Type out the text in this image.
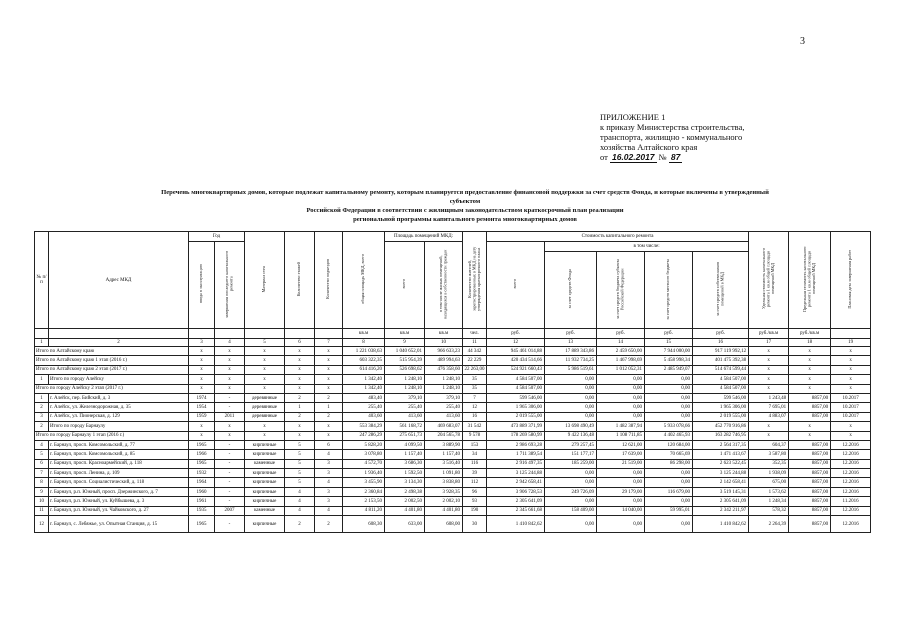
3
ПРИЛОЖЕНИЕ 1
к приказу Министерства строительства,
транспорта, жилищно - коммунального
хозяйства Алтайского края
от 16.02.2017 № 87
Перечень многоквартирных домов, которые подлежат капитальному ремонту, которым планируется предоставление финансовой поддержки за счет средств Фонда, и которые включены в утвержденный субъектом
Российской Федерации в соответствии с жилищным законодательством краткосрочный план реализации
региональной программы капитального ремонта многоквартирных домов
№ п/п	Адрес МКД	Год		Материал стен	Количество этажей	Количество подъездов	общая площадь МКД, всего	Площадь помещений МКД:		Количество жителей, зарегистрированных в МКД на дату утверждения краткосрочного плана	Стоимость капитального ремонта					Удельная стоимость капитального ремонта 1 кв.м общей площади помещений МКД	Предельная стоимость капитального ремонта 1 кв.м общей площади помещений МКД	Плановая дата завершения работ
		ввода в эксплуатацию	завершения последнего капитального ремонта					всего	в том числе жилых помещений, находящихся в собственности граждан		всего	в том числе:						
												за счет средств Фонда	за счет средств бюджета субъекта Российской Федерации	за счет средств местного бюджета	за счет средств собственников помещений в МКД			
							кв.м	кв.м	кв.м	чел.	руб.	руб.	руб.	руб.	руб.	руб./кв.м	руб./кв.м	
1	2	3	4	5	6	7	8	9	10	11	12	13	14	15	16	17	18	19
Итого по Алтайскому краю		х	х	х	х	х	1 221 038,63	1 040 652,01	966 633,23	44 342	945 461 014,88	17 889 343,86	2 459 650,00	7 944 000,00	917 119 992,12	х	х	х
Итого по Алтайскому краю 1 этап (2016 г.)		х	х	х	х	х	603 322,35	515 954,39	489 994,63	22 229	420 434 514,66	11 932 734,25	1 467 998,69	5 458 998,34	401 475 392,38	х	х	х
Итого по Алтайскому краю 2 этап (2017 г.)		х	х	х	х	х	614 416,20	526 698,62	476 358,60	22 263,00	524 921 660,43	5 986 519,61	1 012 052,31	2 485 949,07	514 674 599,44	х	х	х
1	Итого по городу Алейску	х	х	х	х	х	1 342,40	1 248,10	1 248,10	35	4 584 507,00	0,00	0,00	0,00	4 584 507,00	х	х	х
Итого по городу Алейску 2 этап (2017 г.)		х	х	х	х	х	1 342,40	1 248,10	1 248,10	35	4 584 507,00	0,00	0,00	0,00	4 584 507,00	х	х	х
1	г. Алейск, пер. Бийский, д. 3	1974	-	деревянные	2	2	483,40	379,10	379,10	7	599 546,00	0,00	0,00	0,00	599 546,00	1 243,48	8857,00	10.2017
2	г. Алейск, ул. Железнодорожная, д. 35	1954	-	деревянные	1	1	255,40	255,40	255,40	12	1 965 306,00	0,00	0,00	0,00	1 965 306,00	7 695,01	8857,00	10.2017
3	г. Алейск, ул. Пионерская, д. 129	1959	2011	деревянные	2	2	403,60	413,60	413,60	16	2 019 555,00	0,00	0,00	0,00	2 019 555,00	4 883,07	8857,00	10.2017
2	Итого по городу Барнаулу	х	х	х	х	х	553 384,29	561 168,72	469 683,07	31 542	473 889 371,99	13 698 490,49	1 482 387,94	5 933 078,66	452 770 916,86	х	х	х
Итого по городу Барнаулу 1 этап (2016 г.)		х	х	х	х	х	247 286,29	275 651,73	204 565,78	9 578	178 269 580,99	9 422 136,48	1 108 711,85	4 402 465,93	163 282 746,95	х	х	х
4	г. Барнаул, просп. Комсомольский, д. 77	1965	-	кирпичные	5	6	5 828,20	4 099,50	3 889,90	153	2 986 693,28	279 257,45	12 621,00	120 684,00	2 564 317,35	604,37	8857,00	12.2016
5	г. Барнаул, просп. Комсомольский, д. 85	1966	-	кирпичные	5	4	3 078,80	1 157,40	1 157,40	34	1 711 389,54	151 177,17	17 639,00	70 665,69	1 471 413,67	3 587,80	8857,00	12.2016
6	г. Барнаул, просп. Красноармейский, д. 118	1965	-	каменные	5	3	4 572,70	3 686,30	3 516,40	116	2 916 497,35	185 259,00	21 519,00	86 298,00	2 623 522,45	352,35	8857,00	12.2016
7	г. Барнаул, просп. Ленина, д. 109	1932	-	кирпичные	5	3	1 936,40	1 592,50	1 091,80	39	3 125 244,88	0,00	0,00	0,00	3 125 244,88	1 938,09	8857,00	12.2016
8	г. Барнаул, просп. Социалистический, д. 118	1964	-	кирпичные	5	4	3 455,90	3 134,30	3 838,80	112	2 942 658,41	0,00	0,00	0,00	2 142 658,41	675,00	8857,00	12.2016
9	г. Барнаул, р.п. Южный, просп. Дзержинского, д. 7	1960	-	кирпичные	4	3	2 360,84	2 498,38	3 928,35	96	3 906 728,53	249 726,09	29 179,00	116 679,00	3 519 145,31	1 573,62	8857,00	12.2016
10	г. Барнаул, р.п. Южный, ул. Куйбышева, д. 3	1961	-	кирпичные	4	3	2 153,50	2 002,50	2 002,10	93	2 305 641,09	0,00	0,00	0,00	2 305 641,09	1 248,34	8857,00	11.2016
11	г. Барнаул, р.п. Южный, ул. Чайковского, д. 27	1935	2007	каменные	4	4	4 811,20	4 401,80	4 401,80	190	2 345 661,68	158 409,00	14 040,00	59 995,01	2 342 211,97	578,32	8857,00	12.2016
12	г. Барнаул, с. Лебяжье, ул. Опытная Станция, д. 15	1965	-	кирпичные	2	2	608,30	633,00	608,00	30	1 410 842,62	0,00	0,00	0,00	1 410 842,62	2 264,39	8857,00	12.2016
